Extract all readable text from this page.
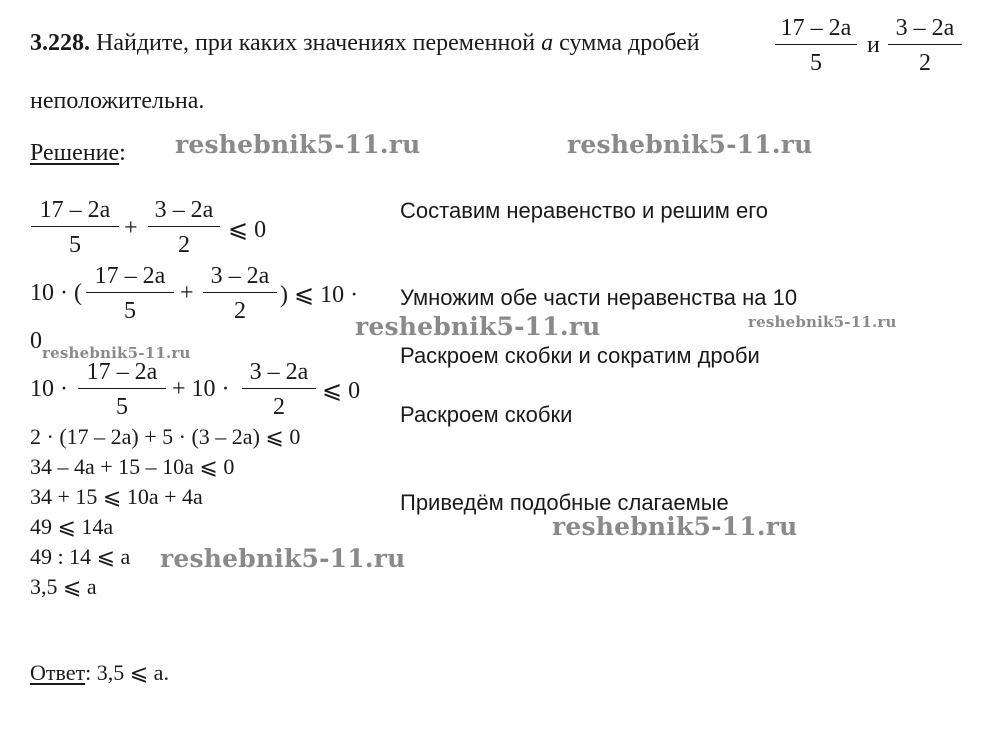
3.228. Найдите, при каких значениях переменной a сумма дробей
17 – 2a
5
и
3 – 2a
2
неположительна.
Решение:
17 – 2a
5
+
3 – 2a
2
⩽ 0
10 · (
17 – 2a
5
+
3 – 2a
2
) ⩽ 10 ·
0
10 ·
17 – 2a
5
+ 10 ·
3 – 2a
2
⩽ 0
2 · (17 – 2a) + 5 · (3 – 2a) ⩽ 0
34 – 4a + 15 – 10a ⩽ 0
34 + 15 ⩽ 10a + 4a
49 ⩽ 14a
49 : 14 ⩽ a
3,5 ⩽ a
Составим неравенство и решим его
Умножим обе части неравенства на 10
Раскроем скобки и сократим дроби
Раскроем скобки
Приведём подобные слагаемые
Ответ: 3,5 ⩽ a.
reshebnik5-11.ru	reshebnik5-11.ru
reshebnik5-11.ru	reshebnik5-11.ru
reshebnik5-11.ru
reshebnik5-11.ru
reshebnik5-11.ru
